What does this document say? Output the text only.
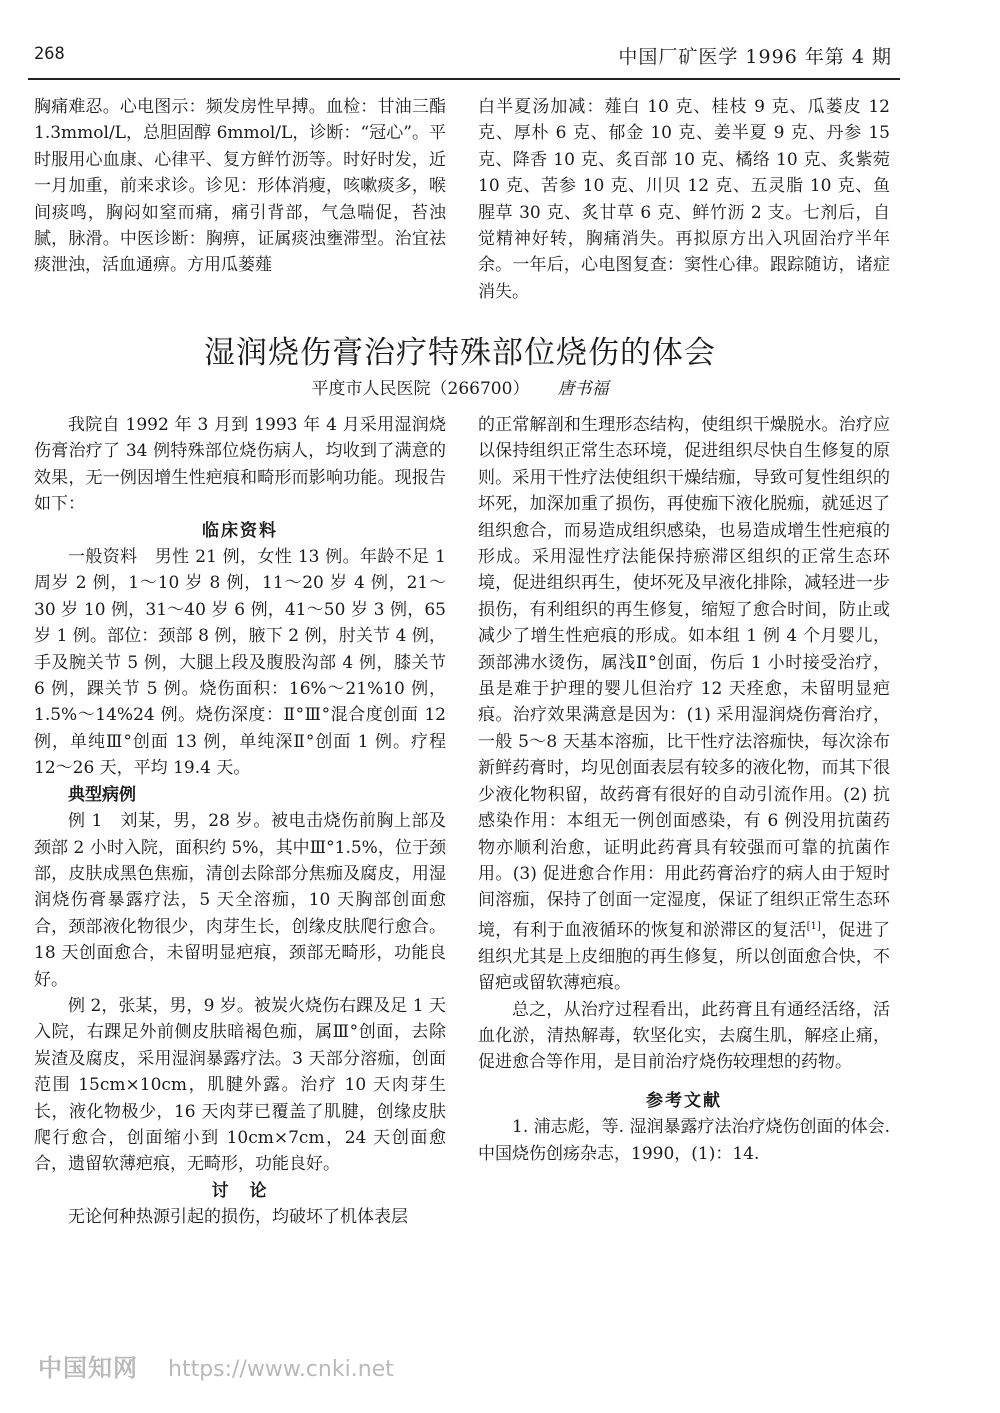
268	中国厂矿医学 1996 年第 4 期

胸痛难忍。心电图示：频发房性早搏。血检：甘油三酯 1.3mmol/L，总胆固醇 6mmol/L，诊断：“冠心”。平时服用心血康、心律平、复方鲜竹沥等。时好时发，近一月加重，前来求诊。诊见：形体消瘦，咳嗽痰多，喉间痰鸣，胸闷如窒而痛，痛引背部，气急喘促，苔浊腻，脉滑。中医诊断：胸痹，证属痰浊壅滞型。治宜祛痰泄浊，活血通痹。方用瓜蒌薤

白半夏汤加减：薤白 10 克、桂枝 9 克、瓜蒌皮 12 克、厚朴 6 克、郁金 10 克、姜半夏 9 克、丹参 15 克、降香 10 克、炙百部 10 克、橘络 10 克、炙紫菀 10 克、苦参 10 克、川贝 12 克、五灵脂 10 克、鱼腥草 30 克、炙甘草 6 克、鲜竹沥 2 支。七剂后，自觉精神好转，胸痛消失。再拟原方出入巩固治疗半年余。一年后，心电图复查：窦性心律。跟踪随访，诸症消失。

湿润烧伤膏治疗特殊部位烧伤的体会
平度市人民医院（266700） 唐书福

我院自 1992 年 3 月到 1993 年 4 月采用湿润烧伤膏治疗了 34 例特殊部位烧伤病人，均收到了满意的效果，无一例因增生性疤痕和畸形而影响功能。现报告如下：

临床资料

一般资料　男性 21 例，女性 13 例。年龄不足 1 周岁 2 例，1～10 岁 8 例，11～20 岁 4 例，21～30 岁 10 例，31～40 岁 6 例，41～50 岁 3 例，65 岁 1 例。部位：颈部 8 例，腋下 2 例，肘关节 4 例，手及腕关节 5 例，大腿上段及腹股沟部 4 例，膝关节 6 例，踝关节 5 例。烧伤面积：16%～21%10 例，1.5%～14%24 例。烧伤深度：Ⅱ°Ⅲ°混合度创面 12 例，单纯Ⅲ°创面 13 例，单纯深Ⅱ°创面 1 例。疗程 12～26 天，平均 19.4 天。

典型病例

例 1　刘某，男，28 岁。被电击烧伤前胸上部及颈部 2 小时入院，面积约 5%，其中Ⅲ°1.5%，位于颈部，皮肤成黑色焦痂，清创去除部分焦痂及腐皮，用湿润烧伤膏暴露疗法，5 天全溶痂，10 天胸部创面愈合，颈部液化物很少，肉芽生长，创缘皮肤爬行愈合。18 天创面愈合，未留明显疤痕，颈部无畸形，功能良好。

例 2，张某，男，9 岁。被炭火烧伤右踝及足 1 天入院，右踝足外前侧皮肤暗褐色痂，属Ⅲ°创面，去除炭渣及腐皮，采用湿润暴露疗法。3 天部分溶痂，创面范围 15cm×10cm，肌腱外露。治疗 10 天肉芽生长，液化物极少，16 天肉芽已覆盖了肌腱，创缘皮肤爬行愈合，创面缩小到 10cm×7cm，24 天创面愈合，遗留软薄疤痕，无畸形，功能良好。

讨　论

无论何种热源引起的损伤，均破坏了机体表层

的正常解剖和生理形态结构，使组织干燥脱水。治疗应以保持组织正常生态环境，促进组织尽快自生修复的原则。采用干性疗法使组织干燥结痂，导致可复性组织的坏死，加深加重了损伤，再使痂下液化脱痂，就延迟了组织愈合，而易造成组织感染，也易造成增生性疤痕的形成。采用湿性疗法能保持瘀滞区组织的正常生态环境，促进组织再生，使坏死及早液化排除，减轻进一步损伤，有利组织的再生修复，缩短了愈合时间，防止或减少了增生性疤痕的形成。如本组 1 例 4 个月婴儿，颈部沸水烫伤，属浅Ⅱ°创面，伤后 1 小时接受治疗，虽是难于护理的婴儿但治疗 12 天痊愈，未留明显疤痕。治疗效果满意是因为：(1) 采用湿润烧伤膏治疗，一般 5～8 天基本溶痂，比干性疗法溶痂快，每次涂布新鲜药膏时，均见创面表层有较多的液化物，而其下很少液化物积留，故药膏有很好的自动引流作用。(2) 抗感染作用：本组无一例创面感染，有 6 例没用抗菌药物亦顺利治愈，证明此药膏具有较强而可靠的抗菌作用。(3) 促进愈合作用：用此药膏治疗的病人由于短时间溶痂，保持了创面一定湿度，保证了组织正常生态环境，有利于血液循环的恢复和淤滞区的复活[1]，促进了组织尤其是上皮细胞的再生修复，所以创面愈合快，不留疤或留软薄疤痕。

总之，从治疗过程看出，此药膏且有通经活络，活血化淤，清热解毒，软坚化实，去腐生肌，解痉止痛，促进愈合等作用，是目前治疗烧伤较理想的药物。

参考文献

1. 浦志彪，等. 湿润暴露疗法治疗烧伤创面的体会. 中国烧伤创疡杂志，1990，(1)：14.

中国知网 https://www.cnki.net
